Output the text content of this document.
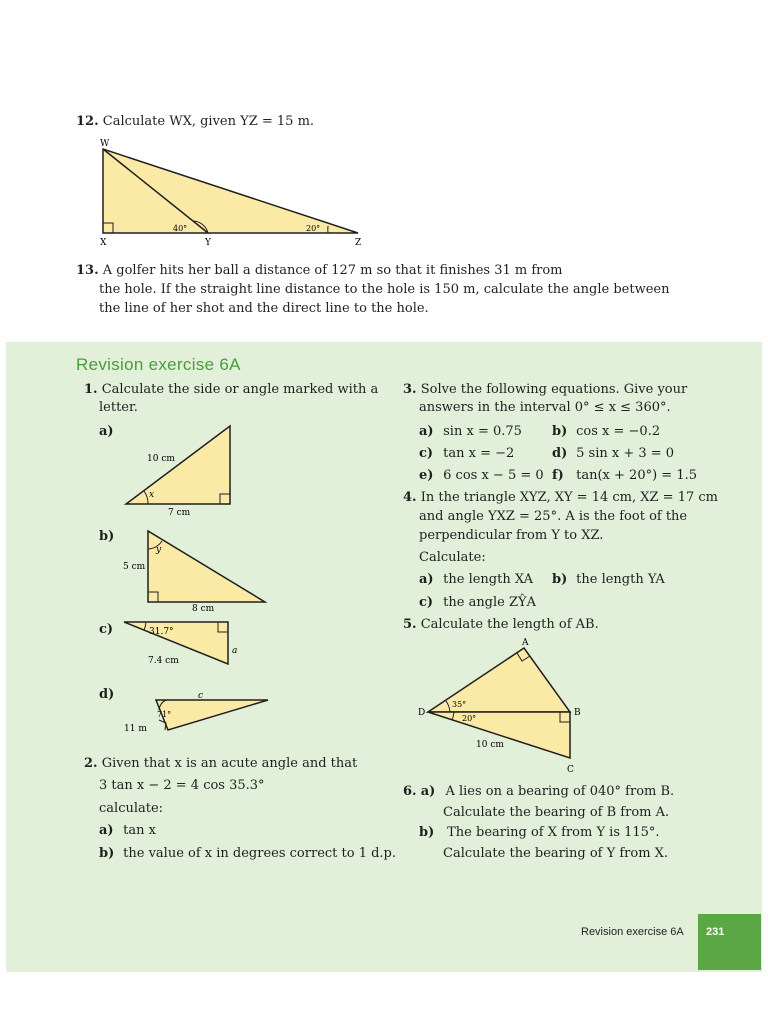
12. Calculate WX, given YZ = 15 m.
W
X	Y	Z
40°	20°
13. A golfer hits her ball a distance of 127 m so that it finishes 31 m from
the hole. If the straight line distance to the hole is 150 m, calculate the angle between
the line of her shot and the direct line to the hole.
Revision exercise 6A
1. Calculate the side or angle marked with a
letter.
a)
10 cm
7 cm
x
b)
5 cm
8 cm
y
c)	31.7°
7.4 cm
a
d)
71°
11 m
c
2. Given that x is an acute angle and that
3 tan x − 2 = 4 cos 35.3°
calculate:
a) tan x
b) the value of x in degrees correct to 1 d.p.
3. Solve the following equations. Give your
answers in the interval 0° ≤ x ≤ 360°.
a) sin x = 0.75 b) cos x = −0.2
c) tan x = −2	d) 5 sin x + 3 = 0
e) 6 cos x − 5 = 0 f) tan(x + 20°) = 1.5
4. In the triangle XYZ, XY = 14 cm, XZ = 17 cm
and angle YXZ = 25°. A is the foot of the
perpendicular from Y to XZ.
Calculate:
a) the length XA b) the length YA
c) the angle ZŶA
5. Calculate the length of AB.
A
B
C
D
35°
20°
10 cm
6. a) A lies on a bearing of 040° from B.
Calculate the bearing of B from A.
b) The bearing of X from Y is 115°.
Calculate the bearing of Y from X.
Revision exercise 6A 231
